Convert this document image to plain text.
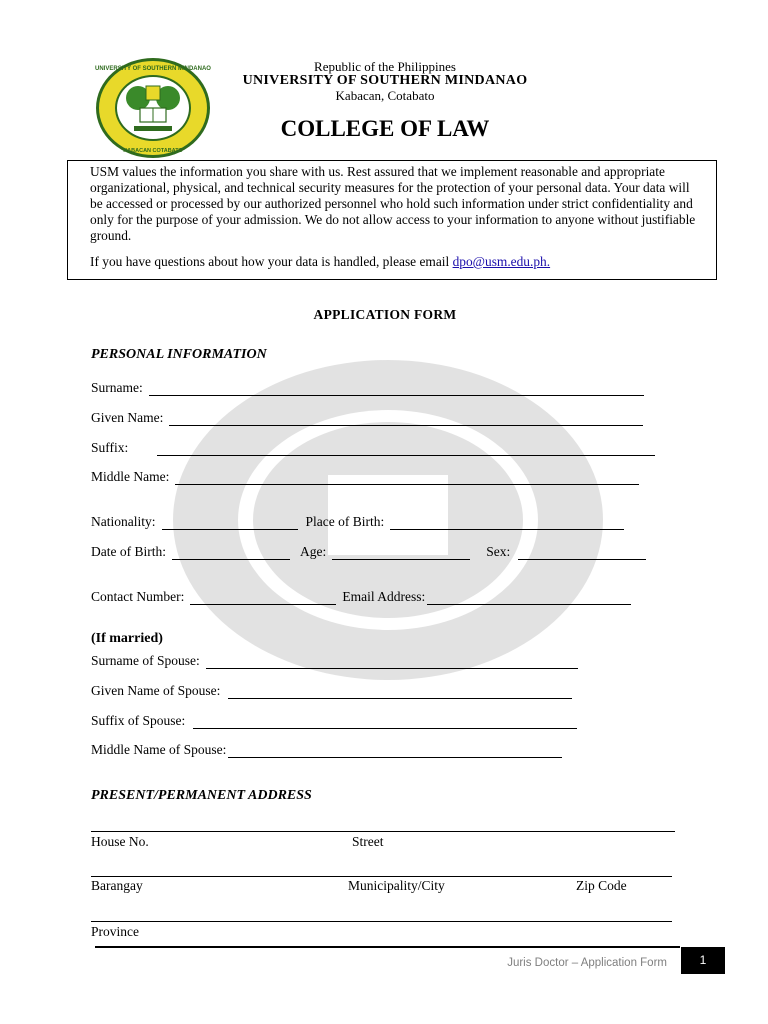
UNIVERSITY OF SOUTHERN MINDANAO
KABACAN COTABATO
Republic of the Philippines
UNIVERSITY OF SOUTHERN MINDANAO
Kabacan, Cotabato
COLLEGE OF LAW

USM values the information you share with us. Rest assured that we implement reasonable and appropriate organizational, physical, and technical security measures for the protection of your personal data. Your data will be accessed or processed by our authorized personnel who hold such information under strict confidentiality and only for the purpose of your admission. We do not allow access to your information to anyone without justifiable ground.

If you have questions about how your data is handled, please email dpo@usm.edu.ph.

APPLICATION FORM
PERSONAL INFORMATION
Surname:
Given Name:
Suffix:
Middle Name:
Nationality:	Place of Birth:
Date of Birth:	Age:	Sex:
Contact Number:	Email Address:
(If married)
Surname of Spouse:
Given Name of Spouse:
Suffix of Spouse:
Middle Name of Spouse:
PRESENT/PERMANENT ADDRESS
House No.	Street
Barangay	Municipality/City	Zip Code
Province
Juris Doctor – Application Form	1
